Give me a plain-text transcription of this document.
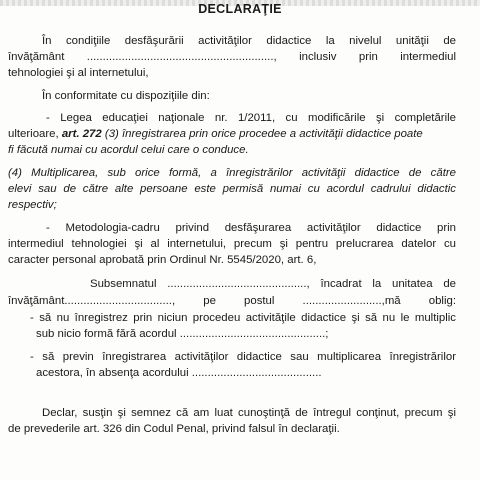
DECLARAŢIE
În condiţiile desfăşurării activităţilor didactice la nivelul unităţii de
învăţământ ..........................................................., inclusiv prin intermediul
tehnologiei şi al internetului,
În conformitate cu dispoziţiile din:
- Legea educaţiei naţionale nr. 1/2011, cu modificările şi completările
ulterioare, art. 272 (3) înregistrarea prin orice procedee a activităţii didactice poate
fi făcută numai cu acordul celui care o conduce.
(4) Multiplicarea, sub orice formă, a înregistrărilor activităţii didactice de către
elevi sau de către alte persoane este permisă numai cu acordul cadrului didactic
respectiv;
- Metodologia-cadru privind desfăşurarea activităţilor didactice prin
intermediul tehnologiei şi al internetului, precum şi pentru prelucrarea datelor cu
caracter personal aprobată prin Ordinul Nr. 5545/2020, art. 6,
Subsemnatul ............................................, încadrat la unitatea de
învăţământ.................................., pe postul .........................,mă oblig:
- să nu înregistrez prin niciun procedeu activităţile didactice şi să nu le multiplic
sub nicio formă fără acordul ..............................................;
- să previn înregistrarea activităţilor didactice sau multiplicarea înregistrărilor
acestora, în absenţa acordului .........................................
Declar, susţin şi semnez că am luat cunoştinţă de întregul conţinut, precum şi
de prevederile art. 326 din Codul Penal, privind falsul în declaraţii.
